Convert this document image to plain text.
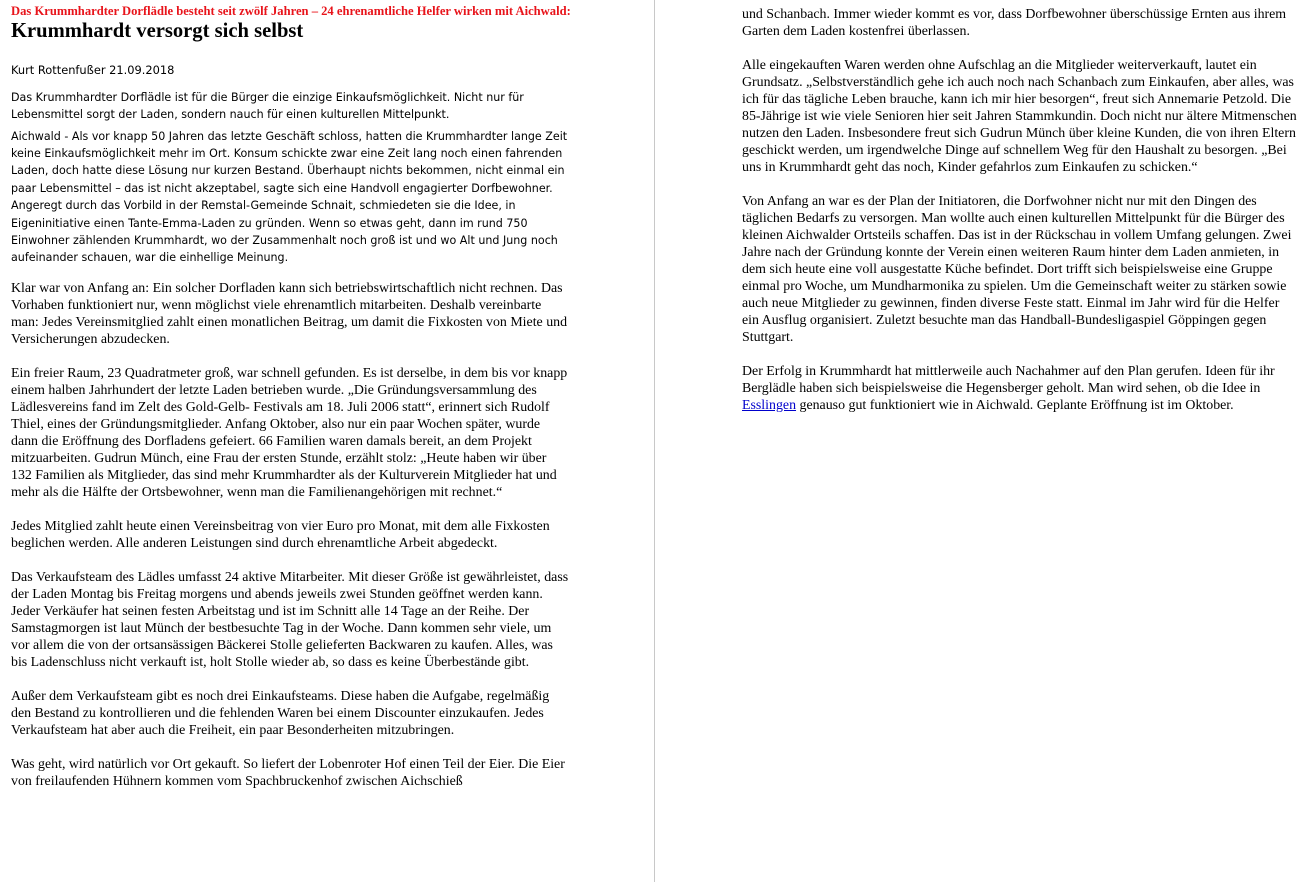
Das Krummhardter Dorflädle besteht seit zwölf Jahren – 24 ehrenamtliche Helfer wirken mit Aichwald:

Krummhardt versorgt sich selbst

Kurt Rottenfußer 21.09.2018

Das Krummhardter Dorflädle ist für die Bürger die einzige Einkaufsmöglichkeit. Nicht nur für Lebensmittel sorgt der Laden, sondern nauch für einen kulturellen Mittelpunkt.

Aichwald - Als vor knapp 50 Jahren das letzte Geschäft schloss, hatten die Krummhardter lange Zeit keine Einkaufsmöglichkeit mehr im Ort. Konsum schickte zwar eine Zeit lang noch einen fahrenden Laden, doch hatte diese Lösung nur kurzen Bestand. Überhaupt nichts bekommen, nicht einmal ein paar Lebensmittel – das ist nicht akzeptabel, sagte sich eine Handvoll engagierter Dorfbewohner. Angeregt durch das Vorbild in der Remstal-Gemeinde Schnait, schmiedeten sie die Idee, in Eigeninitiative einen Tante-Emma-Laden zu gründen. Wenn so etwas geht, dann im rund 750 Einwohner zählenden Krummhardt, wo der Zusammenhalt noch groß ist und wo Alt und Jung noch aufeinander schauen, war die einhellige Meinung.

Klar war von Anfang an: Ein solcher Dorfladen kann sich betriebswirtschaftlich nicht rechnen. Das Vorhaben funktioniert nur, wenn möglichst viele ehrenamtlich mitarbeiten. Deshalb vereinbarte man: Jedes Vereinsmitglied zahlt einen monatlichen Beitrag, um damit die Fixkosten von Miete und Versicherungen abzudecken.

Ein freier Raum, 23 Quadratmeter groß, war schnell gefunden. Es ist derselbe, in dem bis vor knapp einem halben Jahrhundert der letzte Laden betrieben wurde. „Die Gründungsversammlung des Lädlesvereins fand im Zelt des Gold-Gelb- Festivals am 18. Juli 2006 statt“, erinnert sich Rudolf Thiel, eines der Gründungsmitglieder. Anfang Oktober, also nur ein paar Wochen später, wurde dann die Eröffnung des Dorfladens gefeiert. 66 Familien waren damals bereit, an dem Projekt mitzuarbeiten. Gudrun Münch, eine Frau der ersten Stunde, erzählt stolz: „Heute haben wir über 132 Familien als Mitglieder, das sind mehr Krummhardter als der Kulturverein Mitglieder hat und mehr als die Hälfte der Ortsbewohner, wenn man die Familienangehörigen mit rechnet.“

Jedes Mitglied zahlt heute einen Vereinsbeitrag von vier Euro pro Monat, mit dem alle Fixkosten beglichen werden. Alle anderen Leistungen sind durch ehrenamtliche Arbeit abgedeckt.

Das Verkaufsteam des Lädles umfasst 24 aktive Mitarbeiter. Mit dieser Größe ist gewährleistet, dass der Laden Montag bis Freitag morgens und abends jeweils zwei Stunden geöffnet werden kann. Jeder Verkäufer hat seinen festen Arbeitstag und ist im Schnitt alle 14 Tage an der Reihe. Der Samstagmorgen ist laut Münch der bestbesuchte Tag in der Woche. Dann kommen sehr viele, um vor allem die von der ortsansässigen Bäckerei Stolle gelieferten Backwaren zu kaufen. Alles, was bis Ladenschluss nicht verkauft ist, holt Stolle wieder ab, so dass es keine Überbestände gibt.

Außer dem Verkaufsteam gibt es noch drei Einkaufsteams. Diese haben die Aufgabe, regelmäßig den Bestand zu kontrollieren und die fehlenden Waren bei einem Discounter einzukaufen. Jedes Verkaufsteam hat aber auch die Freiheit, ein paar Besonderheiten mitzubringen.

Was geht, wird natürlich vor Ort gekauft. So liefert der Lobenroter Hof einen Teil der Eier. Die Eier von freilaufenden Hühnern kommen vom Spachbruckenhof zwischen Aichschieß

und Schanbach. Immer wieder kommt es vor, dass Dorfbewohner überschüssige Ernten aus ihrem Garten dem Laden kostenfrei überlassen.

Alle eingekauften Waren werden ohne Aufschlag an die Mitglieder weiterverkauft, lautet ein Grundsatz. „Selbstverständlich gehe ich auch noch nach Schanbach zum Einkaufen, aber alles, was ich für das tägliche Leben brauche, kann ich mir hier besorgen“, freut sich Annemarie Petzold. Die 85-Jährige ist wie viele Senioren hier seit Jahren Stammkundin. Doch nicht nur ältere Mitmenschen nutzen den Laden. Insbesondere freut sich Gudrun Münch über kleine Kunden, die von ihren Eltern geschickt werden, um irgendwelche Dinge auf schnellem Weg für den Haushalt zu besorgen. „Bei uns in Krummhardt geht das noch, Kinder gefahrlos zum Einkaufen zu schicken.“

Von Anfang an war es der Plan der Initiatoren, die Dorfwohner nicht nur mit den Dingen des täglichen Bedarfs zu versorgen. Man wollte auch einen kulturellen Mittelpunkt für die Bürger des kleinen Aichwalder Ortsteils schaffen. Das ist in der Rückschau in vollem Umfang gelungen. Zwei Jahre nach der Gründung konnte der Verein einen weiteren Raum hinter dem Laden anmieten, in dem sich heute eine voll ausgestatte Küche befindet. Dort trifft sich beispielsweise eine Gruppe einmal pro Woche, um Mundharmonika zu spielen. Um die Gemeinschaft weiter zu stärken sowie auch neue Mitglieder zu gewinnen, finden diverse Feste statt. Einmal im Jahr wird für die Helfer ein Ausflug organisiert. Zuletzt besuchte man das Handball-Bundesligaspiel Göppingen gegen Stuttgart.

Der Erfolg in Krummhardt hat mittlerweile auch Nachahmer auf den Plan gerufen. Ideen für ihr Berglädle haben sich beispielsweise die Hegensberger geholt. Man wird sehen, ob die Idee in Esslingen genauso gut funktioniert wie in Aichwald. Geplante Eröffnung ist im Oktober.
